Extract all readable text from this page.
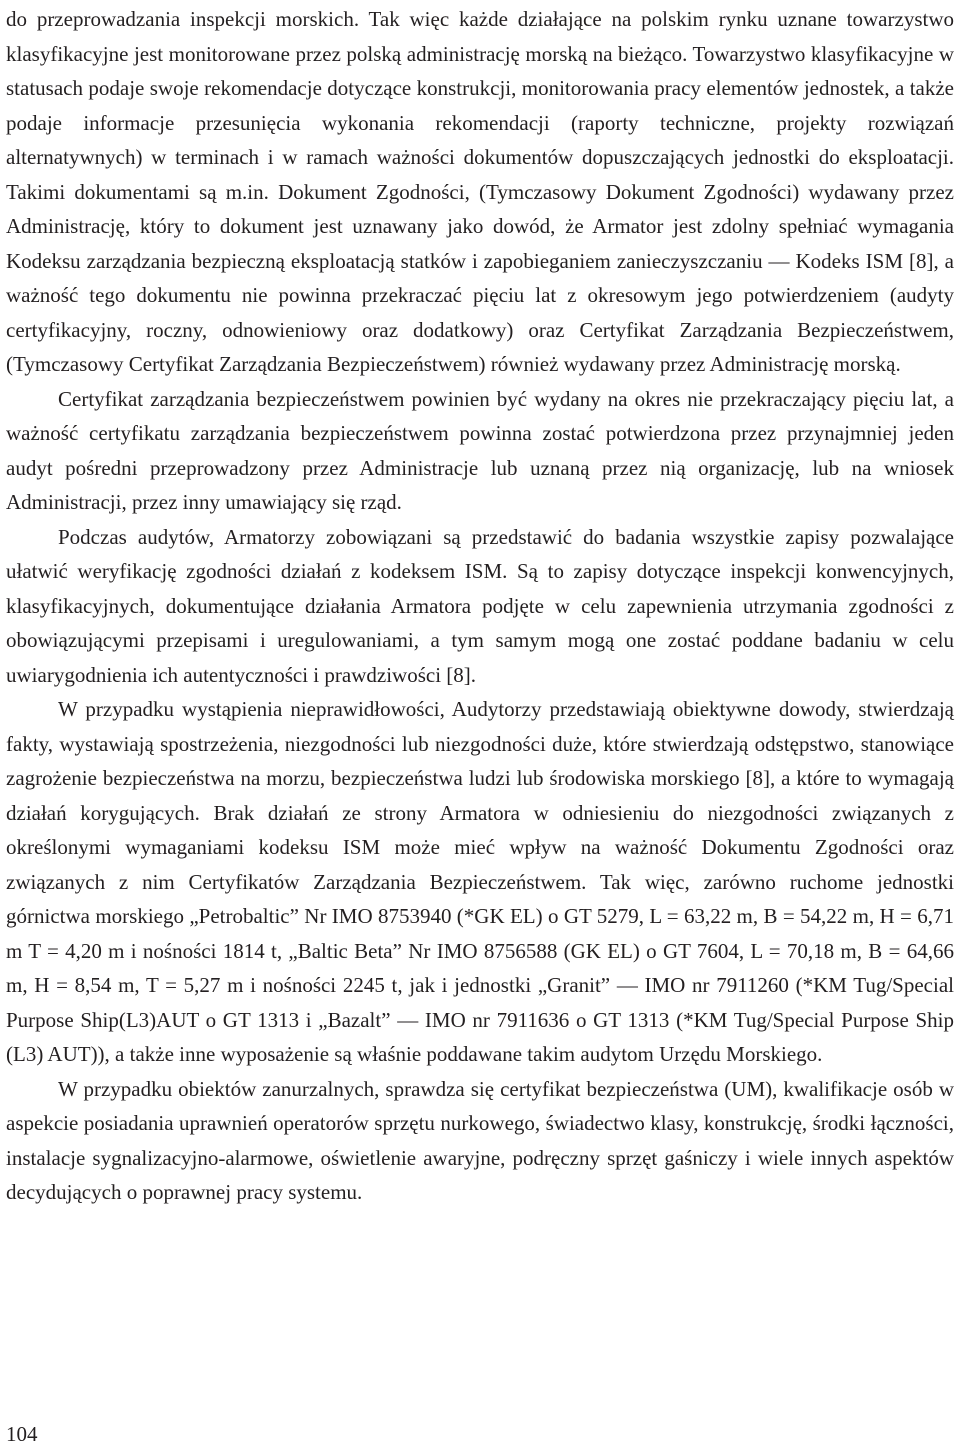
do przeprowadzania inspekcji morskich. Tak więc każde działające na polskim rynku uznane towarzystwo klasyfikacyjne jest monitorowane przez polską administrację morską na bieżąco. Towarzystwo klasyfikacyjne w statusach podaje swoje rekomendacje dotyczące konstrukcji, monitorowania pracy elementów jednostek, a także podaje informacje przesunięcia wykonania rekomendacji (raporty techniczne, projekty rozwiązań alternatywnych) w terminach i w ramach ważności dokumentów dopuszczających jednostki do eksploatacji. Takimi dokumentami są m.in. Dokument Zgodności, (Tymczasowy Dokument Zgodności) wydawany przez Administrację, który to dokument jest uznawany jako dowód, że Armator jest zdolny spełniać wymagania Kodeksu zarządzania bezpieczną eksploatacją statków i zapobieganiem zanieczyszczaniu — Kodeks ISM [8], a ważność tego dokumentu nie powinna przekraczać pięciu lat z okresowym jego potwierdzeniem (audyty certyfikacyjny, roczny, odnowieniowy oraz dodatkowy) oraz Certyfikat Zarządzania Bezpieczeństwem, (Tymczasowy Certyfikat Zarządzania Bezpieczeństwem) również wydawany przez Administrację morską.

Certyfikat zarządzania bezpieczeństwem powinien być wydany na okres nie przekraczający pięciu lat, a ważność certyfikatu zarządzania bezpieczeństwem powinna zostać potwierdzona przez przynajmniej jeden audyt pośredni przeprowadzony przez Administracje lub uznaną przez nią organizację, lub na wniosek Administracji, przez inny umawiający się rząd.

Podczas audytów, Armatorzy zobowiązani są przedstawić do badania wszystkie zapisy pozwalające ułatwić weryfikację zgodności działań z kodeksem ISM. Są to zapisy dotyczące inspekcji konwencyjnych, klasyfikacyjnych, dokumentujące działania Armatora podjęte w celu zapewnienia utrzymania zgodności z obowiązującymi przepisami i uregulowaniami, a tym samym mogą one zostać poddane badaniu w celu uwiarygodnienia ich autentyczności i prawdziwości [8].

W przypadku wystąpienia nieprawidłowości, Audytorzy przedstawiają obiektywne dowody, stwierdzają fakty, wystawiają spostrzeżenia, niezgodności lub niezgodności duże, które stwierdzają odstępstwo, stanowiące zagrożenie bezpieczeństwa na morzu, bezpieczeństwa ludzi lub środowiska morskiego [8], a które to wymagają działań korygujących. Brak działań ze strony Armatora w odniesieniu do niezgodności związanych z określonymi wymaganiami kodeksu ISM może mieć wpływ na ważność Dokumentu Zgodności oraz związanych z nim Certyfikatów Zarządzania Bezpieczeństwem. Tak więc, zarówno ruchome jednostki górnictwa morskiego „Petrobaltic” Nr IMO 8753940 (*GK EL) o GT 5279, L = 63,22 m, B = 54,22 m, H = 6,71 m T = 4,20 m i nośności 1814 t, „Baltic Beta” Nr IMO 8756588 (GK EL) o GT 7604, L = 70,18 m, B = 64,66 m, H = 8,54 m, T = 5,27 m i nośności 2245 t, jak i jednostki „Granit” — IMO nr 7911260 (*KM Tug/Special Purpose Ship(L3)AUT o GT 1313 i „Bazalt” — IMO nr 7911636 o GT 1313 (*KM Tug/Special Purpose Ship (L3) AUT)), a także inne wyposażenie są właśnie poddawane takim audytom Urzędu Morskiego.

W przypadku obiektów zanurzalnych, sprawdza się certyfikat bezpieczeństwa (UM), kwalifikacje osób w aspekcie posiadania uprawnień operatorów sprzętu nurkowego, świadectwo klasy, konstrukcję, środki łączności, instalacje sygnalizacyjno-alarmowe, oświetlenie awaryjne, podręczny sprzęt gaśniczy i wiele innych aspektów decydujących o poprawnej pracy systemu.

104
